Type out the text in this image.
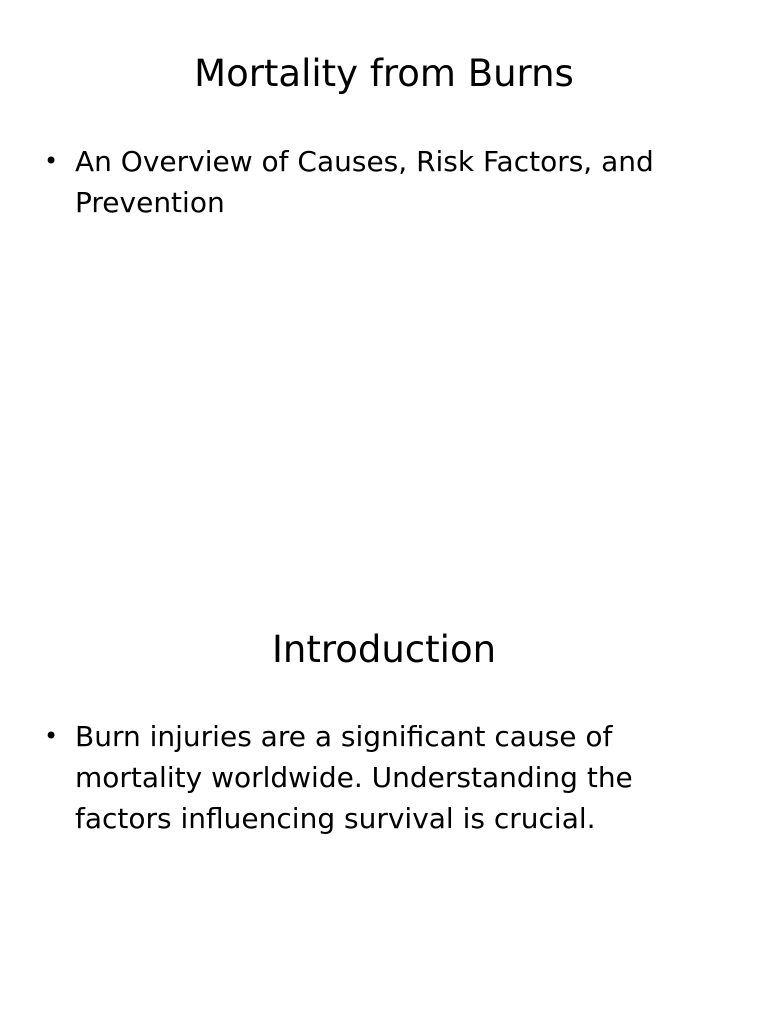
Mortality from Burns
• An Overview of Causes, Risk Factors, and Prevention
Introduction
• Burn injuries are a significant cause of mortality worldwide. Understanding the factors influencing survival is crucial.
